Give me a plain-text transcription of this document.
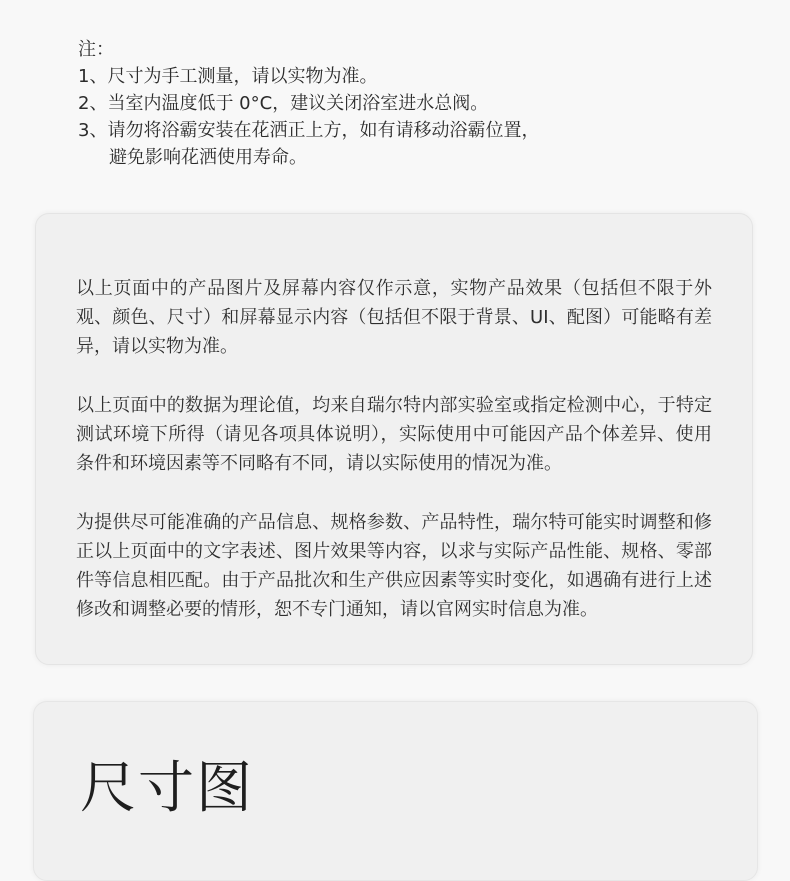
注：
1、尺寸为手工测量，请以实物为准。
2、当室内温度低于 0°C，建议关闭浴室进水总阀。
3、请勿将浴霸安装在花洒正上方，如有请移动浴霸位置，
避免影响花洒使用寿命。

以上页面中的产品图片及屏幕内容仅作示意，实物产品效果（包括但不限于外观、颜色、尺寸）和屏幕显示内容（包括但不限于背景、UI、配图）可能略有差异，请以实物为准。

以上页面中的数据为理论值，均来自瑞尔特内部实验室或指定检测中心，于特定测试环境下所得（请见各项具体说明），实际使用中可能因产品个体差异、使用条件和环境因素等不同略有不同，请以实际使用的情况为准。

为提供尽可能准确的产品信息、规格参数、产品特性，瑞尔特可能实时调整和修正以上页面中的文字表述、图片效果等内容，以求与实际产品性能、规格、零部件等信息相匹配。由于产品批次和生产供应因素等实时变化，如遇确有进行上述修改和调整必要的情形，恕不专门通知，请以官网实时信息为准。

尺寸图
